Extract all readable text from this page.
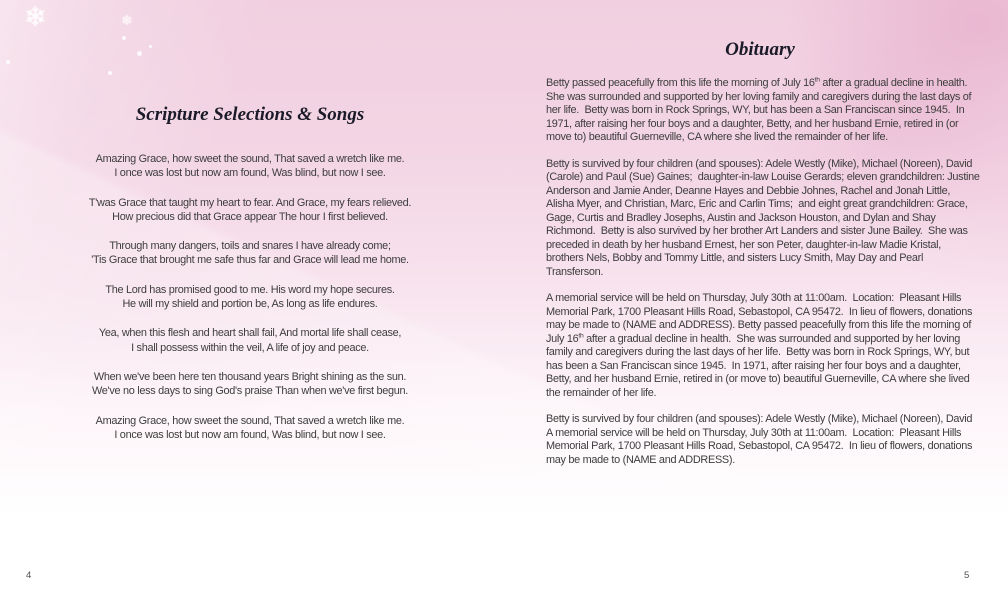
❄	❄
Scripture Selections & Songs
Amazing Grace, how sweet the sound, That saved a wretch like me.
I once was lost but now am found, Was blind, but now I see.
T'was Grace that taught my heart to fear. And Grace, my fears relieved.
How precious did that Grace appear The hour I first believed.
Through many dangers, toils and snares I have already come;
'Tis Grace that brought me safe thus far and Grace will lead me home.
The Lord has promised good to me. His word my hope secures.
He will my shield and portion be, As long as life endures.
Yea, when this flesh and heart shall fail, And mortal life shall cease,
I shall possess within the veil, A life of joy and peace.
When we've been here ten thousand years Bright shining as the sun.
We've no less days to sing God's praise Than when we've first begun.
Amazing Grace, how sweet the sound, That saved a wretch like me.
I once was lost but now am found, Was blind, but now I see.
Obituary

Betty passed peacefully from this life the morning of July 16th after a gradual decline in health.  She was surrounded and supported by her loving family and caregivers during the last days of her life.  Betty was born in Rock Springs, WY, but has been a San Franciscan since 1945.  In 1971, after raising her four boys and a daughter, Betty, and her husband Ernie, retired in (or move to) beautiful Guerneville, CA where she lived the remainder of her life.

Betty is survived by four children (and spouses): Adele Westly (Mike), Michael (Noreen), David (Carole) and Paul (Sue) Gaines;  daughter-in-law Louise Gerards; eleven grandchildren: Justine Anderson and Jamie Ander, Deanne Hayes and Debbie Johnes, Rachel and Jonah Little, Alisha Myer, and Christian, Marc, Eric and Carlin Tims;  and eight great grandchildren: Grace, Gage, Curtis and Bradley Josephs, Austin and Jackson Houston, and Dylan and Shay Richmond.  Betty is also survived by her brother Art Landers and sister June Bailey.  She was preceded in death by her husband Ernest, her son Peter, daughter-in-law Madie Kristal, brothers Nels, Bobby and Tommy Little, and sisters Lucy Smith, May Day and Pearl Transferson.

A memorial service will be held on Thursday, July 30th at 11:00am.  Location:  Pleasant Hills Memorial Park, 1700 Pleasant Hills Road, Sebastopol, CA 95472.  In lieu of flowers, donations may be made to (NAME and ADDRESS). Betty passed peacefully from this life the morning of July 16th after a gradual decline in health.  She was surrounded and supported by her loving family and caregivers during the last days of her life.  Betty was born in Rock Springs, WY, but has been a San Franciscan since 1945.  In 1971, after raising her four boys and a daughter, Betty, and her husband Ernie, retired in (or move to) beautiful Guerneville, CA where she lived the remainder of her life.

Betty is survived by four children (and spouses): Adele Westly (Mike), Michael (Noreen), David
A memorial service will be held on Thursday, July 30th at 11:00am.  Location:  Pleasant Hills Memorial Park, 1700 Pleasant Hills Road, Sebastopol, CA 95472.  In lieu of flowers, donations may be made to (NAME and ADDRESS).

4	5
